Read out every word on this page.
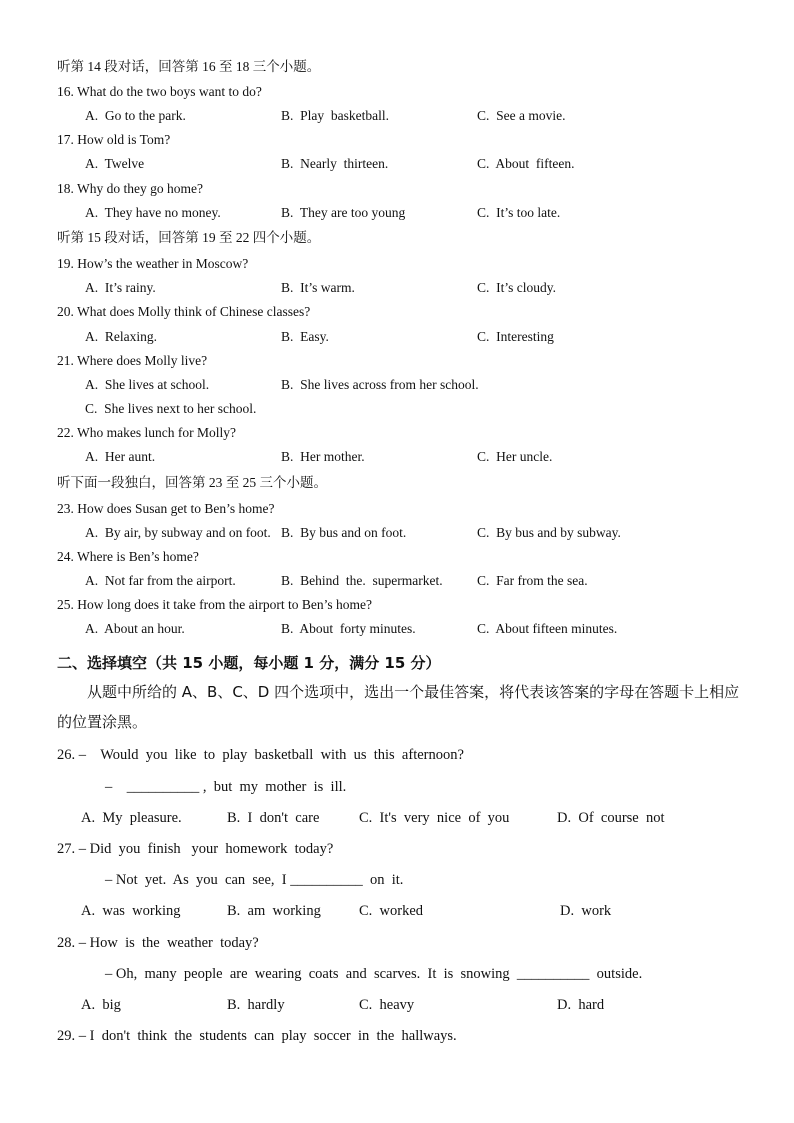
听第 14 段对话，回答第 16 至 18 三个小题。
16. What do the two boys want to do?
A.  Go to the park.	B.  Play  basketball.	C.  See a movie.
17. How old is Tom?
A.  Twelve	B.  Nearly  thirteen.	C.  About  fifteen.
18. Why do they go home?
A.  They have no money.	B.  They are too young	C.  It’s too late.
听第 15 段对话，回答第 19 至 22 四个小题。
19. How’s the weather in Moscow?
A.  It’s rainy.	B.  It’s warm.	C.  It’s cloudy.
20. What does Molly think of Chinese classes?
A.  Relaxing.	B.  Easy.	C.  Interesting
21. Where does Molly live?
A.  She lives at school.	B.  She lives across from her school.
C.  She lives next to her school.
22. Who makes lunch for Molly?
A.  Her aunt.	B.  Her mother.	C.  Her uncle.
听下面一段独白，回答第 23 至 25 三个小题。
23. How does Susan get to Ben’s home?
A.  By air, by subway and on foot. B.  By bus and on foot.	C.  By bus and by subway.
24. Where is Ben’s home?
A.  Not far from the airport.	B.  Behind  the.  supermarket.	C.  Far from the sea.
25. How long does it take from the airport to Ben’s home?
A.  About an hour.	B.  About  forty minutes.	C.  About fifteen minutes.
二、选择填空（共 15 小题，每小题 1 分，满分 15 分）
从题中所给的 A、B、C、D 四个选项中，选出一个最佳答案，将代表该答案的字母在答题卡上相应的位置涂黑。
26. –    Would  you  like  to  play  basketball  with  us  this  afternoon?
–    __________ ,  but  my  mother  is  ill.
A.  My  pleasure.	B.  I  don't  care	C.  It's  very  nice  of  you	D.  Of  course  not
27. – Did  you  finish   your  homework  today?
– Not  yet.  As  you  can  see,  I __________  on  it.
A.  was  working	B.  am  working	C.  worked	D.  work
28. – How  is  the  weather  today?
– Oh,  many  people  are  wearing  coats  and  scarves.  It  is  snowing  __________  outside.
A.  big	B.  hardly	C.  heavy	D.  hard
29. – I  don't  think  the  students  can  play  soccer  in  the  hallways.
